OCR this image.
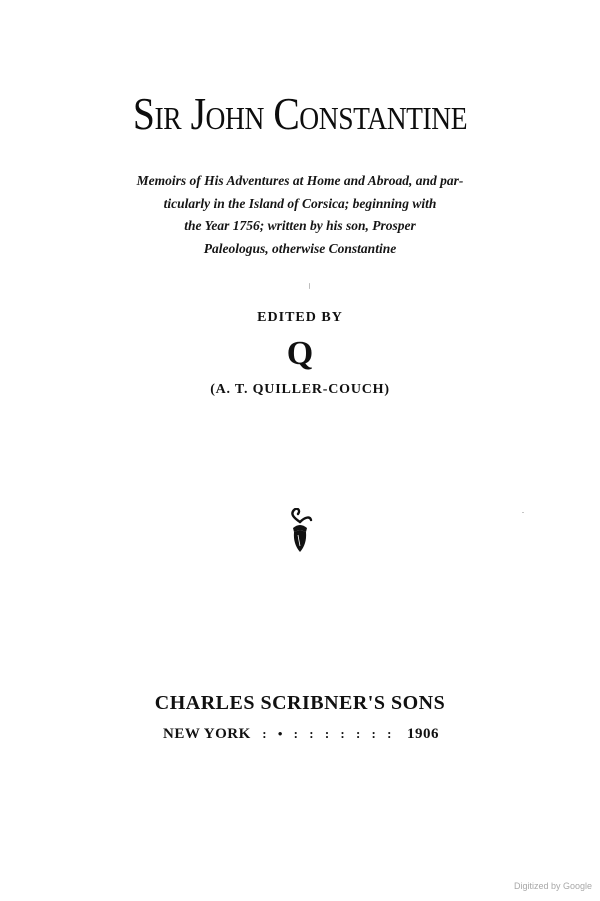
Sir John Constantine
Memoirs of His Adventures at Home and Abroad, and par-
ticularly in the Island of Corsica; beginning with
the Year 1756; written by his son, Prosper
Paleologus, otherwise Constantine
EDITED BY
Q
(A. T. QUILLER-COUCH)
CHARLES SCRIBNER'S SONS
NEW YORK : • : : : : : : : 1906
Digitized by Google
